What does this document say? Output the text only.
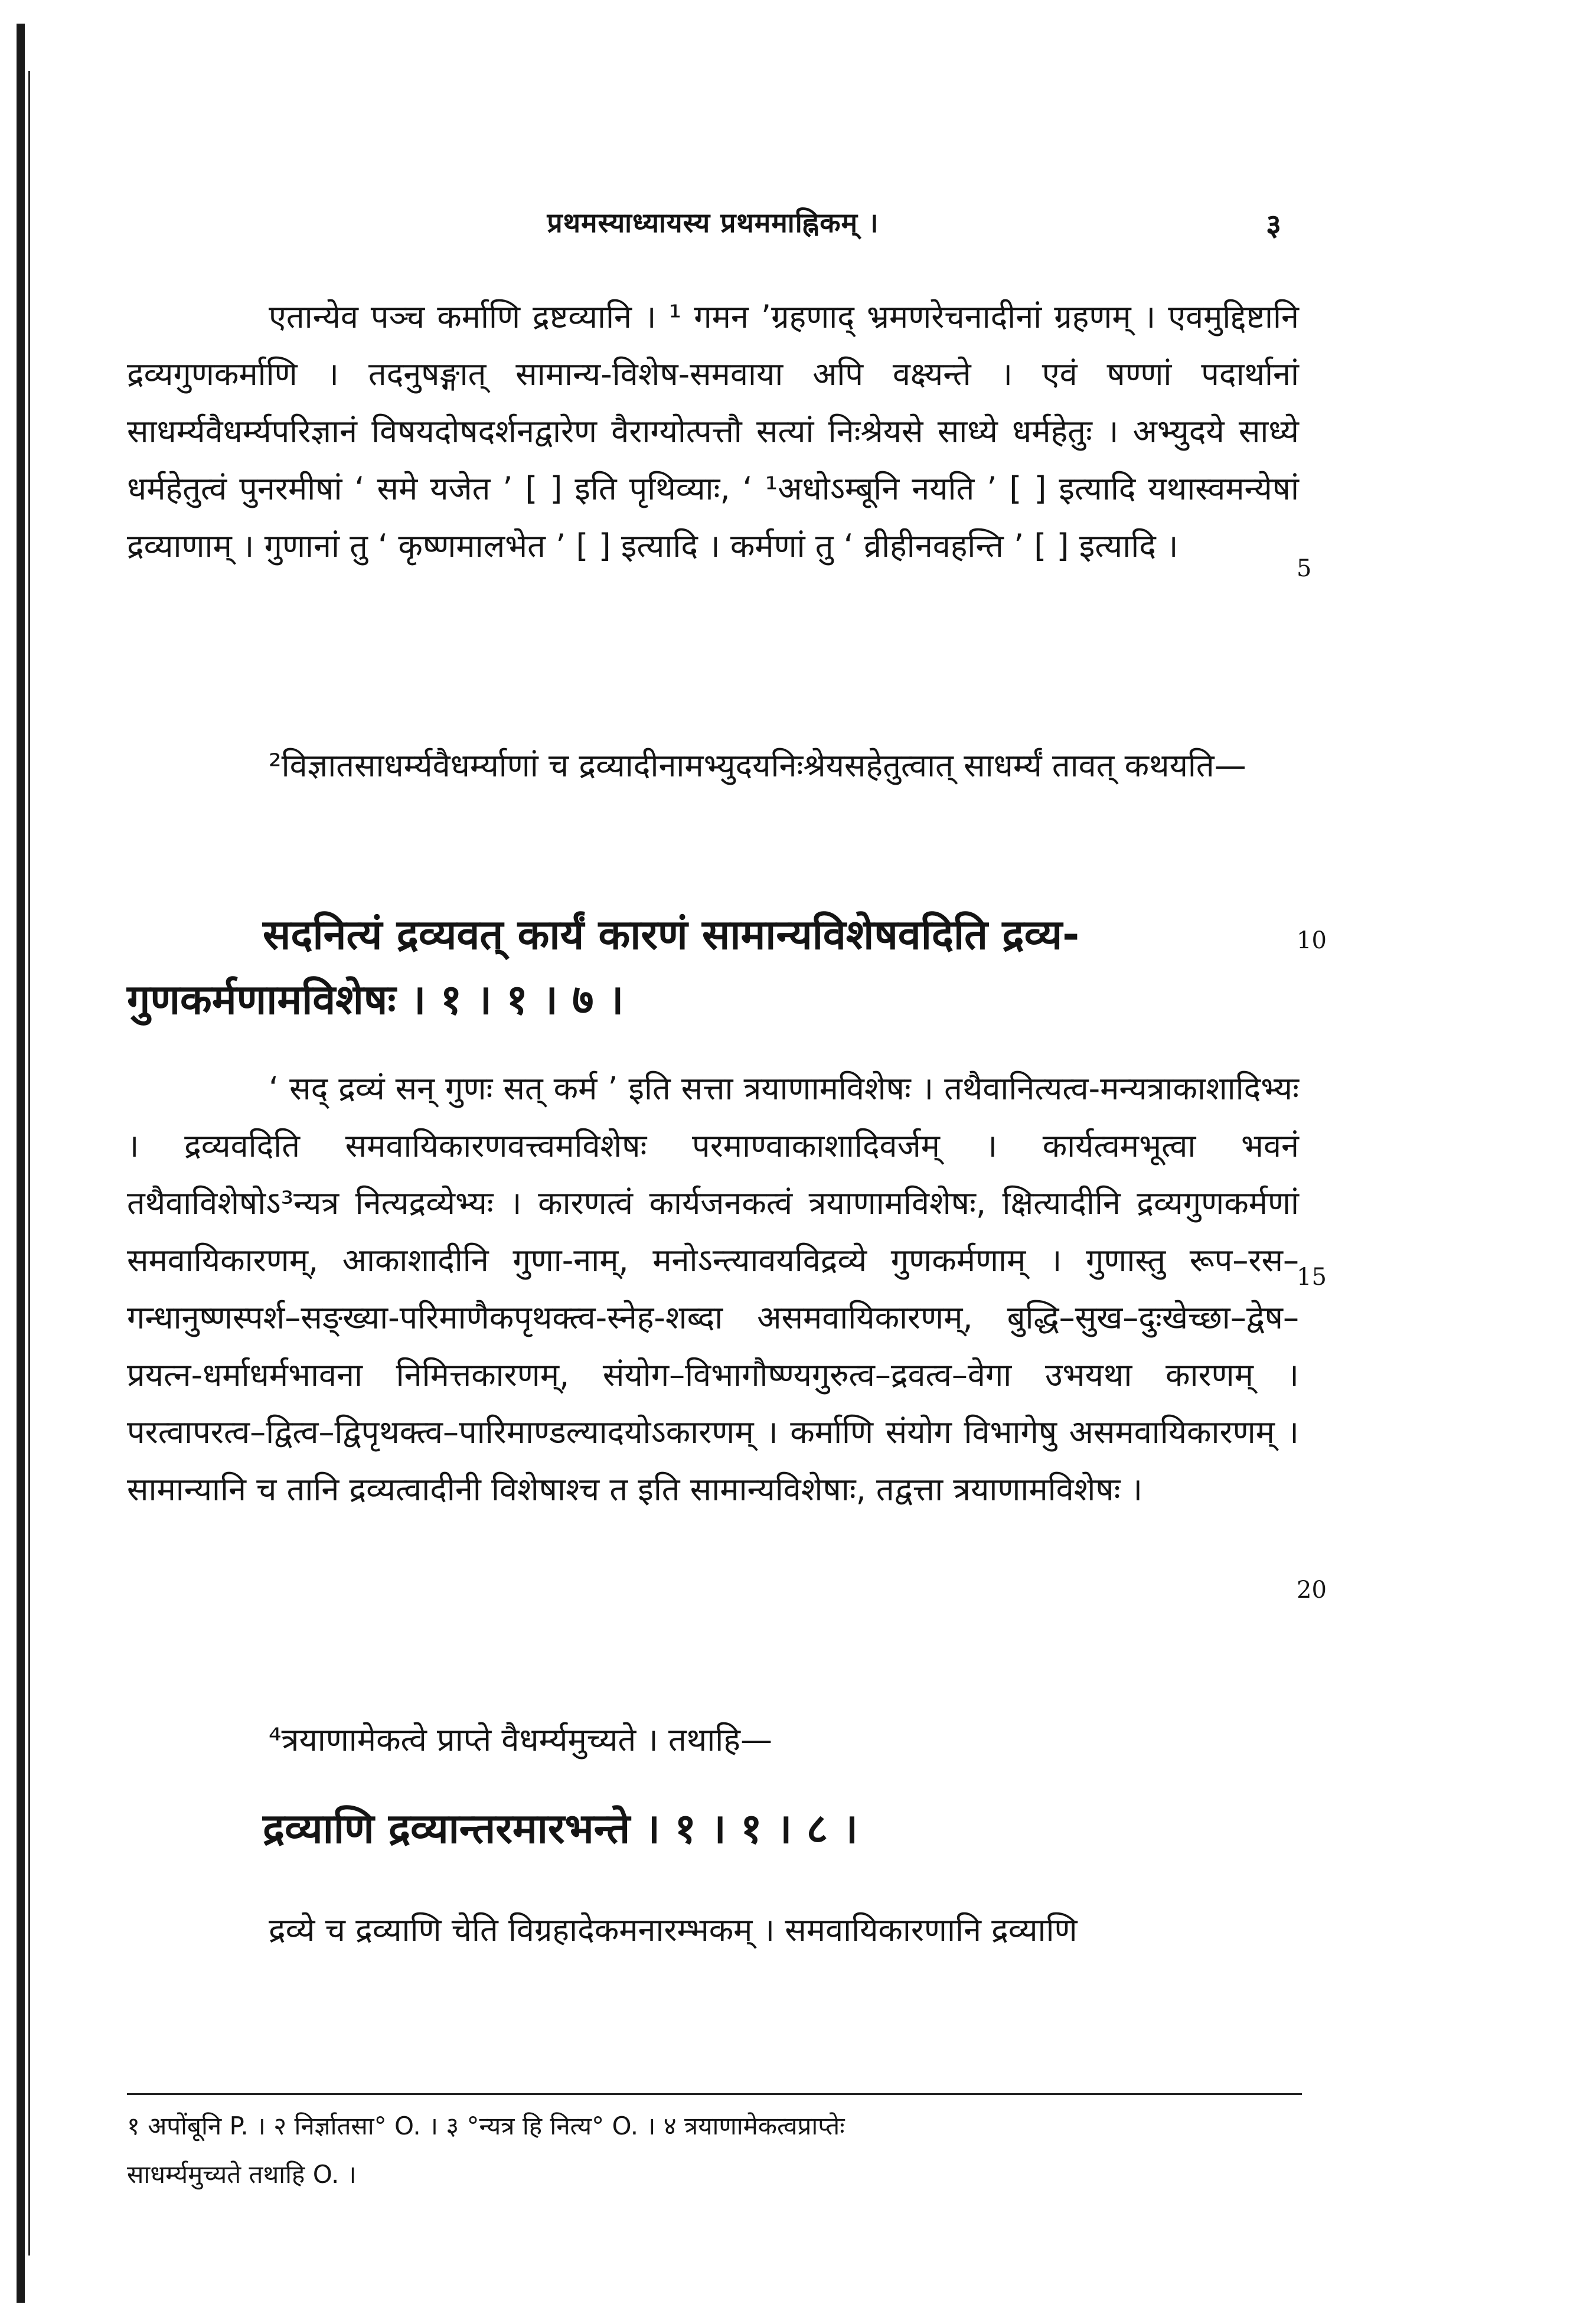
प्रथमस्याध्यायस्य प्रथममाह्निकम् ।	३

एतान्येव पञ्च कर्माणि द्रष्टव्यानि । ¹ गमन ’ग्रहणाद् भ्रमणरेचनादीनां ग्रहणम् । एवमुद्दिष्टानि द्रव्यगुणकर्माणि । तदनुषङ्गात् सामान्य-विशेष-समवाया अपि वक्ष्यन्ते । एवं षण्णां पदार्थानां साधर्म्यवैधर्म्यपरिज्ञानं विषयदोषदर्शनद्वारेण वैराग्योत्पत्तौ सत्यां निःश्रेयसे साध्ये धर्महेतुः । अभ्युदये साध्ये धर्महेतुत्वं पुनरमीषां ‘ समे यजेत ’ [ ] इति पृथिव्याः, ‘ ¹अधोऽम्बूनि नयति ’ [ ] इत्यादि यथास्वमन्येषां द्रव्याणाम् । गुणानां तु ‘ कृष्णमालभेत ’ [ ] इत्यादि । कर्मणां तु ‘ व्रीहीनवहन्ति ’ [ ] इत्यादि ।

²विज्ञातसाधर्म्यवैधर्म्याणां च द्रव्यादीनामभ्युदयनिःश्रेयसहेतुत्वात् साधर्म्यं तावत् कथयति—

सदनित्यं द्रव्यवत् कार्यं कारणं सामान्यविशेषवदिति द्रव्य-गुणकर्मणामविशेषः । १ । १ । ७ ।

‘ सद् द्रव्यं सन् गुणः सत् कर्म ’ इति सत्ता त्रयाणामविशेषः । तथैवानित्यत्व-मन्यत्राकाशादिभ्यः । द्रव्यवदिति समवायिकारणवत्त्वमविशेषः परमाण्वाकाशादिवर्जम् । कार्यत्वमभूत्वा भवनं तथैवाविशेषोऽ³न्यत्र नित्यद्रव्येभ्यः । कारणत्वं कार्यजनकत्वं त्रयाणामविशेषः, क्षित्यादीनि द्रव्यगुणकर्मणां समवायिकारणम्, आकाशादीनि गुणा-नाम्, मनोऽन्त्यावयविद्रव्ये गुणकर्मणाम् । गुणास्तु रूप–रस–गन्धानुष्णस्पर्श–सङ्ख्या-परिमाणैकपृथक्त्व-स्नेह-शब्दा असमवायिकारणम्, बुद्धि–सुख–दुःखेच्छा–द्वेष–प्रयत्न-धर्माधर्मभावना निमित्तकारणम्, संयोग–विभागौष्ण्यगुरुत्व–द्रवत्व–वेगा उभयथा कारणम् । परत्वापरत्व–द्वित्व–द्विपृथक्त्व–पारिमाण्डल्यादयोऽकारणम् । कर्माणि संयोग विभागेषु असमवायिकारणम् । सामान्यानि च तानि द्रव्यत्वादीनी विशेषाश्च त इति सामान्यविशेषाः, तद्वत्ता त्रयाणामविशेषः ।

⁴त्रयाणामेकत्वे प्राप्ते वैधर्म्यमुच्यते । तथाहि—

द्रव्याणि द्रव्यान्तरमारभन्ते । १ । १ । ८ ।

द्रव्ये च द्रव्याणि चेति विग्रहादेकमनारम्भकम् । समवायिकारणानि द्रव्याणि

5
10
15
20
१ अपोंबूनि P. । २ निर्ज्ञातसा° O. । ३ °न्यत्र हि नित्य° O. । ४ त्रयाणामेकत्वप्राप्तेः
साधर्म्यमुच्यते तथाहि O. ।
